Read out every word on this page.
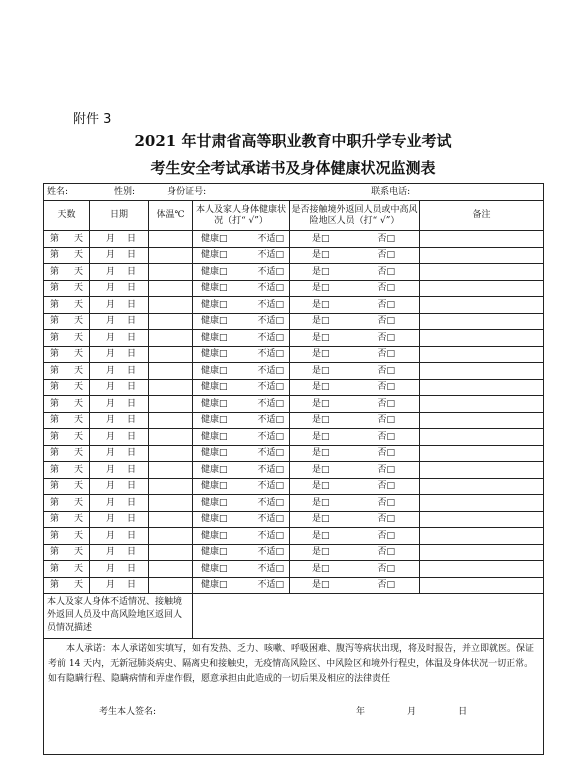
附件 3
2021 年甘肃省高等职业教育中职升学专业考试
考生安全考试承诺书及身体健康状况监测表
姓名: 性别: 身份证号: 联系电话:					

天数	日期	体温℃	本人及家人身体健康状况（打“ √”）	是否接触境外返回人员或中高风险地区人员（打“ √”）	备注

第 天	月 日		健康□ 不适□	是□ 否□	

第 天	月 日		健康□ 不适□	是□ 否□	

第 天	月 日		健康□ 不适□	是□ 否□	

第 天	月 日		健康□ 不适□	是□ 否□	

第 天	月 日		健康□ 不适□	是□ 否□	

第 天	月 日		健康□ 不适□	是□ 否□	

第 天	月 日		健康□ 不适□	是□ 否□	

第 天	月 日		健康□ 不适□	是□ 否□	

第 天	月 日		健康□ 不适□	是□ 否□	

第 天	月 日		健康□ 不适□	是□ 否□	

第 天	月 日		健康□ 不适□	是□ 否□	

第 天	月 日		健康□ 不适□	是□ 否□	

第 天	月 日		健康□ 不适□	是□ 否□	

第 天	月 日		健康□ 不适□	是□ 否□	

第 天	月 日		健康□ 不适□	是□ 否□	

第 天	月 日		健康□ 不适□	是□ 否□	

第 天	月 日		健康□ 不适□	是□ 否□	

第 天	月 日		健康□ 不适□	是□ 否□	

第 天	月 日		健康□ 不适□	是□ 否□	

第 天	月 日		健康□ 不适□	是□ 否□	

第 天	月 日		健康□ 不适□	是□ 否□	

第 天	月 日		健康□ 不适□	是□ 否□	

本人及家人身体不适情况、接触境外返回人员及中高风险地区返回人员情况描述					

本人承诺：本人承诺如实填写，如有发热、乏力、咳嗽、呼吸困难、腹泻等病状出现，将及时报告，并立即就医。保证考前 14 天内，无新冠肺炎病史、隔离史和接触史，无疫情高风险区、中风险区和境外行程史，体温及身体状况一切正常。如有隐瞒行程、隐瞒病情和弄虚作假，愿意承担由此造成的一切后果及相应的法律责任
考生本人签名: 年 月 日					
